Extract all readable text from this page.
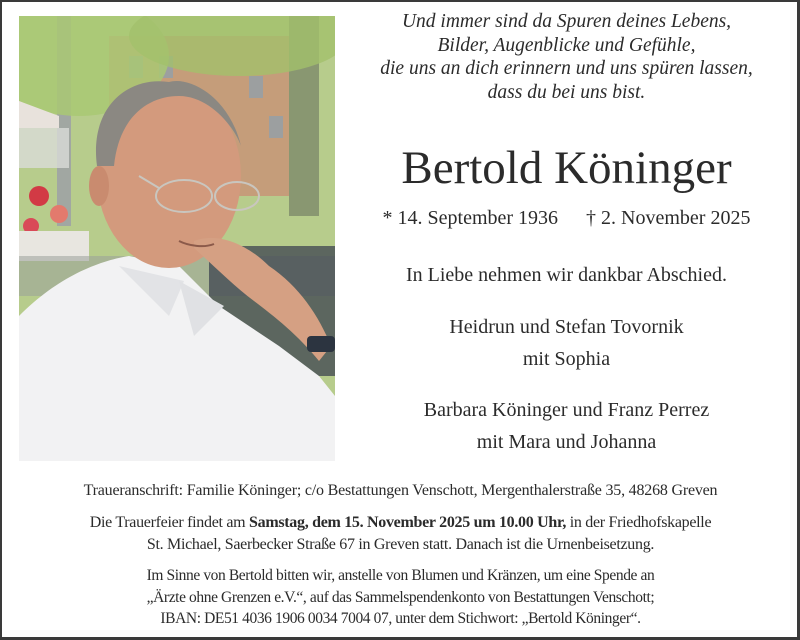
Und immer sind da Spuren deines Lebens,
Bilder, Augenblicke und Gefühle,
die uns an dich erinnern und uns spüren lassen,
dass du bei uns bist.
Bertold Köninger
* 14. September 1936 † 2. November 2025
In Liebe nehmen wir dankbar Abschied.
Heidrun und Stefan Tovornik
mit Sophia
Barbara Köninger und Franz Perrez
mit Mara und Johanna
Traueranschrift: Familie Köninger; c/o Bestattungen Venschott, Mergenthalerstraße 35, 48268 Greven
Die Trauerfeier findet am Samstag, dem 15. November 2025 um 10.00 Uhr, in der Friedhofskapelle
St. Michael, Saerbecker Straße 67 in Greven statt. Danach ist die Urnenbeisetzung.
Im Sinne von Bertold bitten wir, anstelle von Blumen und Kränzen, um eine Spende an
„Ärzte ohne Grenzen e.V.“, auf das Sammelspendenkonto von Bestattungen Venschott;
IBAN: DE51 4036 1906 0034 7004 07, unter dem Stichwort: „Bertold Köninger“.
